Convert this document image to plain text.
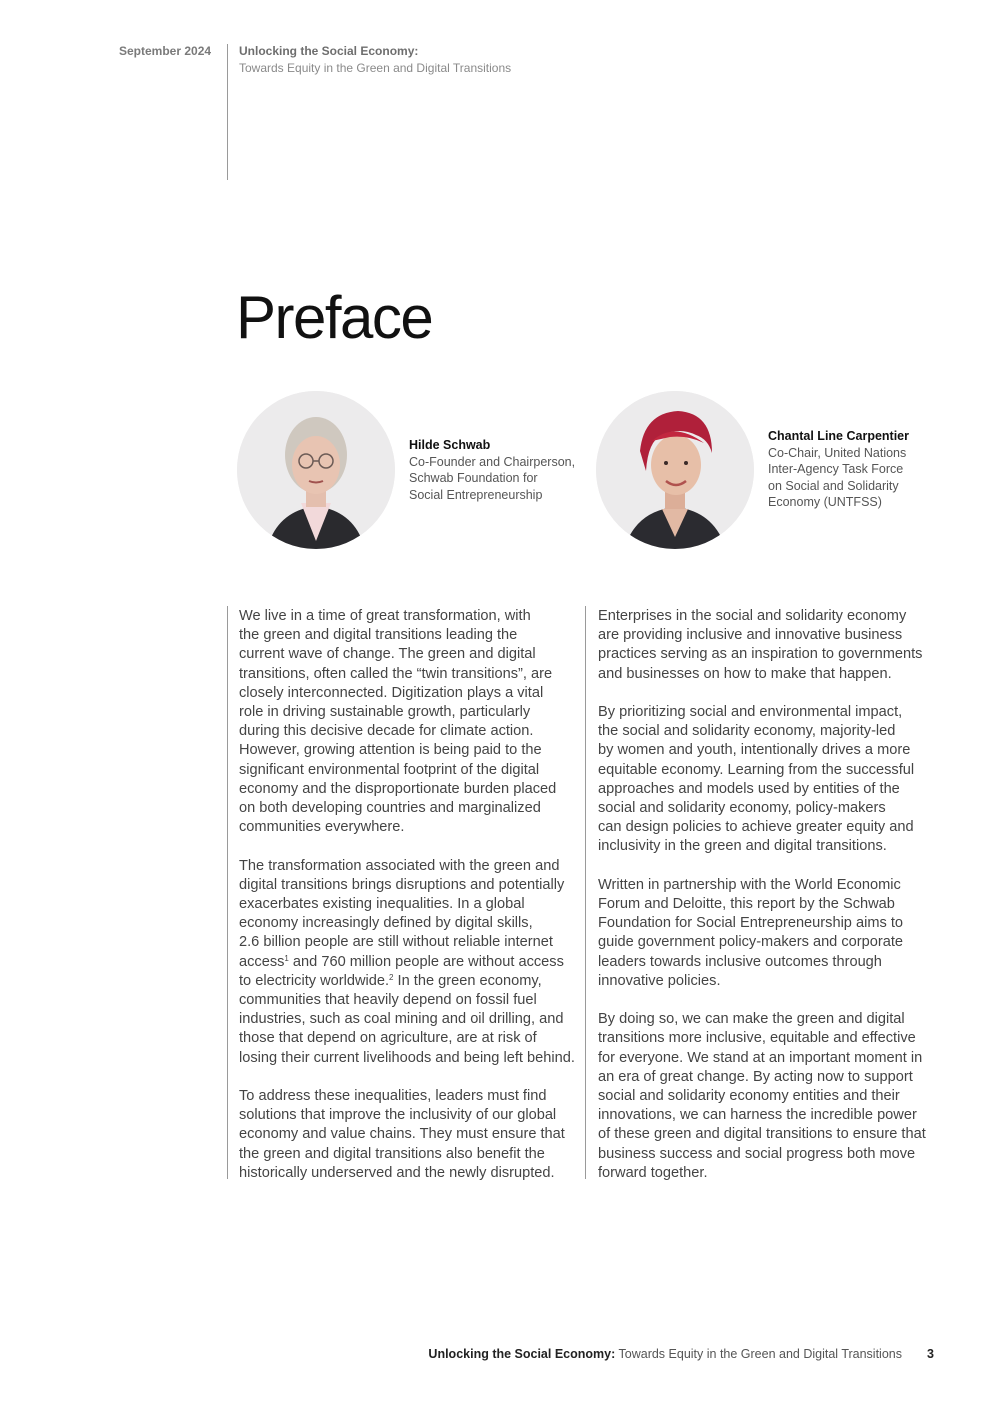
September 2024	Unlocking the Social Economy:
Towards Equity in the Green and Digital Transitions
Preface
Hilde Schwab
Co-Founder and Chairperson,
Schwab Foundation for
Social Entrepreneurship
Chantal Line Carpentier
Co-Chair, United Nations
Inter-Agency Task Force
on Social and Solidarity
Economy (UNTFSS)

We live in a time of great transformation, with
the green and digital transitions leading the
current wave of change. The green and digital
transitions, often called the “twin transitions”, are
closely interconnected. Digitization plays a vital
role in driving sustainable growth, particularly
during this decisive decade for climate action.
However, growing attention is being paid to the
significant environmental footprint of the digital
economy and the disproportionate burden placed
on both developing countries and marginalized
communities everywhere.

The transformation associated with the green and
digital transitions brings disruptions and potentially
exacerbates existing inequalities. In a global
economy increasingly defined by digital skills,
2.6 billion people are still without reliable internet
access$^1$ and 760 million people are without access
to electricity worldwide.$^2$ In the green economy,
communities that heavily depend on fossil fuel
industries, such as coal mining and oil drilling, and
those that depend on agriculture, are at risk of
losing their current livelihoods and being left behind.

To address these inequalities, leaders must find
solutions that improve the inclusivity of our global
economy and value chains. They must ensure that
the green and digital transitions also benefit the
historically underserved and the newly disrupted.

Enterprises in the social and solidarity economy
are providing inclusive and innovative business
practices serving as an inspiration to governments
and businesses on how to make that happen.

By prioritizing social and environmental impact,
the social and solidarity economy, majority-led
by women and youth, intentionally drives a more
equitable economy. Learning from the successful
approaches and models used by entities of the
social and solidarity economy, policy-makers
can design policies to achieve greater equity and
inclusivity in the green and digital transitions.

Written in partnership with the World Economic
Forum and Deloitte, this report by the Schwab
Foundation for Social Entrepreneurship aims to
guide government policy-makers and corporate
leaders towards inclusive outcomes through
innovative policies.

By doing so, we can make the green and digital
transitions more inclusive, equitable and effective
for everyone. We stand at an important moment in
an era of great change. By acting now to support
social and solidarity economy entities and their
innovations, we can harness the incredible power
of these green and digital transitions to ensure that
business success and social progress both move
forward together.

Unlocking the Social Economy: Towards Equity in the Green and Digital Transitions 3
